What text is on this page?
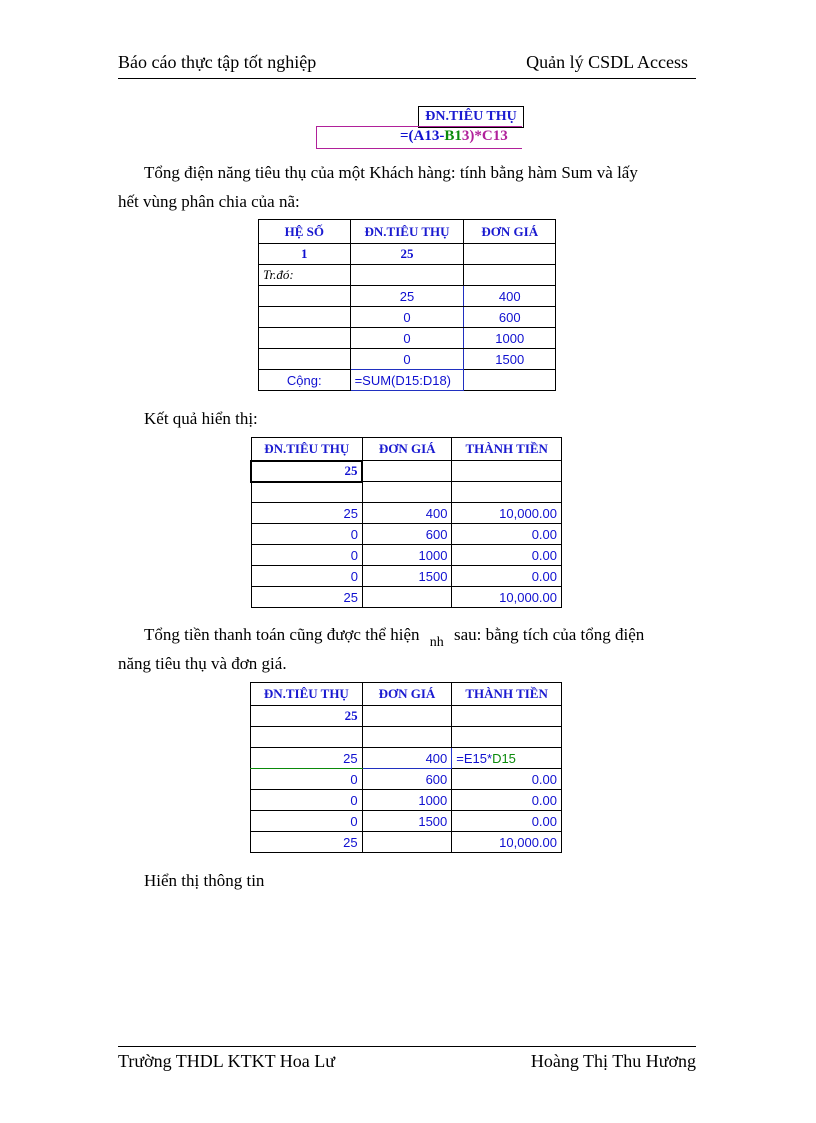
Báo cáo thực tập tốt nghiệp	Quản lý CSDL Access
ĐN.TIÊU THỤ
=(A13-B13)*C13
Tổng điện năng tiêu thụ của một Khách hàng: tính bằng hàm Sum và lấy
hết vùng phân chia của nã:
HỆ SỐ	ĐN.TIÊU THỤ	ĐƠN GIÁ
1	25	
Tr.đó:		
	25	400
	0	600
	0	1000
	0	1500
Cộng:	=SUM(D15:D18)	
Kết quả hiển thị:
ĐN.TIÊU THỤ	ĐƠN GIÁ	THÀNH TIỀN
25		

25	400	10,000.00
0	600	0.00
0	1000	0.00
0	1500	0.00
25		10,000.00
Tổng tiền thanh toán cũng được thể hiện $_{nh}$ sau: bằng tích của tổng điện
năng tiêu thụ và đơn giá.
ĐN.TIÊU THỤ	ĐƠN GIÁ	THÀNH TIỀN
25		

25	400	=E15*D15
0	600	0.00
0	1000	0.00
0	1500	0.00
25		10,000.00
Hiển thị thông tin
Trường THDL KTKT Hoa Lư	Hoàng Thị Thu Hương
